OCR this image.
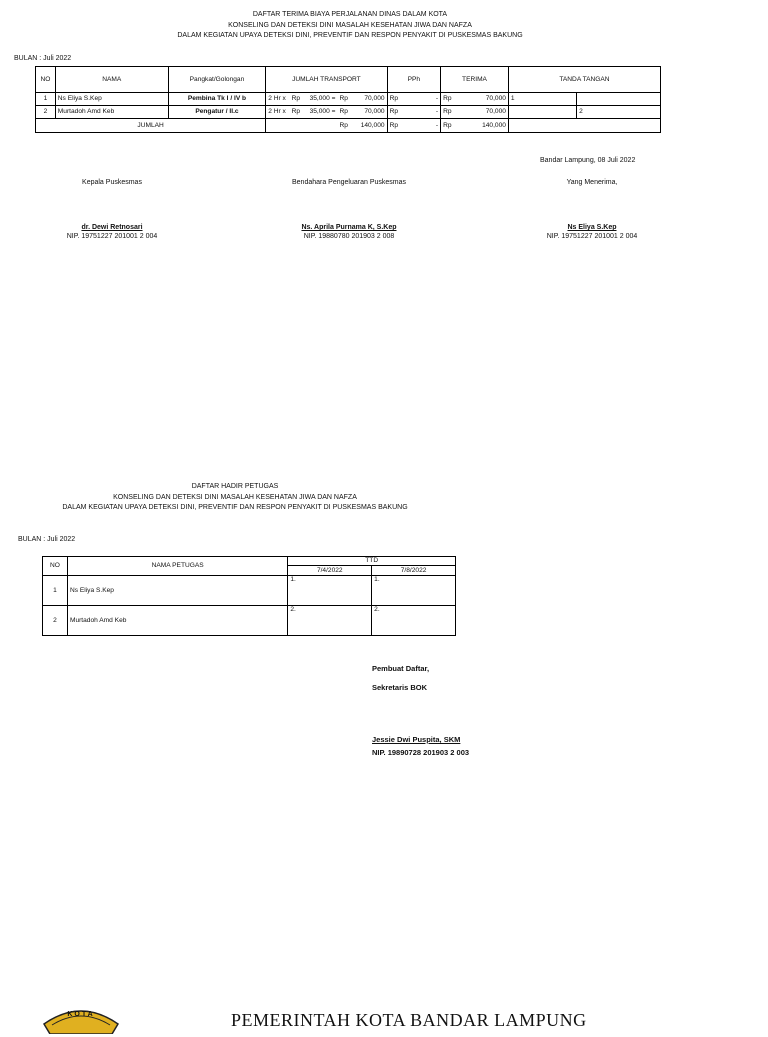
DAFTAR TERIMA BIAYA PERJALANAN DINAS DALAM KOTA
KONSELING DAN DETEKSI DINI MASALAH KESEHATAN JIWA DAN NAFZA
DALAM KEGIATAN UPAYA DETEKSI DINI, PREVENTIF DAN RESPON PENYAKIT DI PUSKESMAS BAKUNG
BULAN : Juli 2022
NO	NAMA	Pangkat/Golongan	JUMLAH TRANSPORT					PPh		TERIMA		TANDA TANGAN	
1	Ns Eliya S.Kep	Pembina Tk I / IV b	2 Hr x	Rp	35,000 =	Rp	70,000	Rp	-	Rp	70,000	1	
2	Murtadoh Amd Keb	Pengatur / II.c	2 Hr x	Rp	35,000 =	Rp	70,000	Rp	-	Rp	70,000		2
JUMLAH						Rp	140,000	Rp	-	Rp	140,000		
Bandar Lampung, 08 Juli 2022
Kepala Puskesmas
dr. Dewi Retnosari
NIP. 19751227 201001 2 004
Bendahara Pengeluaran Puskesmas
Ns. Aprila Purnama K, S.Kep
NIP. 19880780 201903 2 008
Yang Menerima,
Ns Eliya S.Kep
NIP. 19751227 201001 2 004
DAFTAR HADIR PETUGAS
KONSELING DAN DETEKSI DINI MASALAH KESEHATAN JIWA DAN NAFZA
DALAM KEGIATAN UPAYA DETEKSI DINI, PREVENTIF DAN RESPON PENYAKIT DI PUSKESMAS BAKUNG
BULAN : Juli 2022
NO	NAMA PETUGAS	TTD	
		7/4/2022	7/8/2022
1	Ns Eliya S.Kep	1.	1.
2	Murtadoh Amd Keb	2.	2.
Pembuat Daftar,
Sekretaris BOK
Jessie Dwi Puspita, SKM
NIP. 19890728 201903 2 003
KOTA	PEMERINTAH KOTA BANDAR LAMPUNG
